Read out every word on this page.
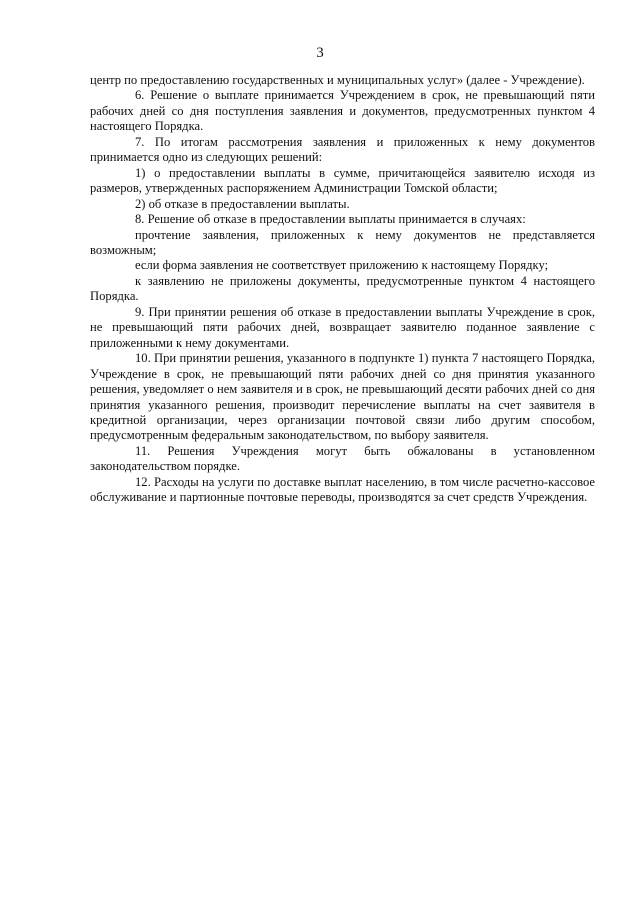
3

центр по предоставлению государственных и муниципальных услуг» (далее - Учреждение).

6. Решение о выплате принимается Учреждением в срок, не превышающий пяти рабочих дней со дня поступления заявления и документов, предусмотренных пунктом 4 настоящего Порядка.

7. По итогам рассмотрения заявления и приложенных к нему документов принимается одно из следующих решений:

1) о предоставлении выплаты в сумме, причитающейся заявителю исходя из размеров, утвержденных распоряжением Администрации Томской области;

2) об отказе в предоставлении выплаты.

8. Решение об отказе в предоставлении выплаты принимается в случаях:

прочтение заявления, приложенных к нему документов не представляется возможным;

если форма заявления не соответствует приложению к настоящему Порядку;

к заявлению не приложены документы, предусмотренные пунктом 4 настоящего Порядка.

9. При принятии решения об отказе в предоставлении выплаты Учреждение в срок, не превышающий пяти рабочих дней, возвращает заявителю поданное заявление с приложенными к нему документами.

10. При принятии решения, указанного в подпункте 1) пункта 7 настоящего Порядка, Учреждение в срок, не превышающий пяти рабочих дней со дня принятия указанного решения, уведомляет о нем заявителя и в срок, не превышающий десяти рабочих дней со дня принятия указанного решения, производит перечисление выплаты на счет заявителя в кредитной организации, через организации почтовой связи либо другим способом, предусмотренным федеральным законодательством, по выбору заявителя.

11. Решения Учреждения могут быть обжалованы в установленном законодательством порядке.

12. Расходы на услуги по доставке выплат населению, в том числе расчетно-кассовое обслуживание и партионные почтовые переводы, производятся за счет средств Учреждения.
